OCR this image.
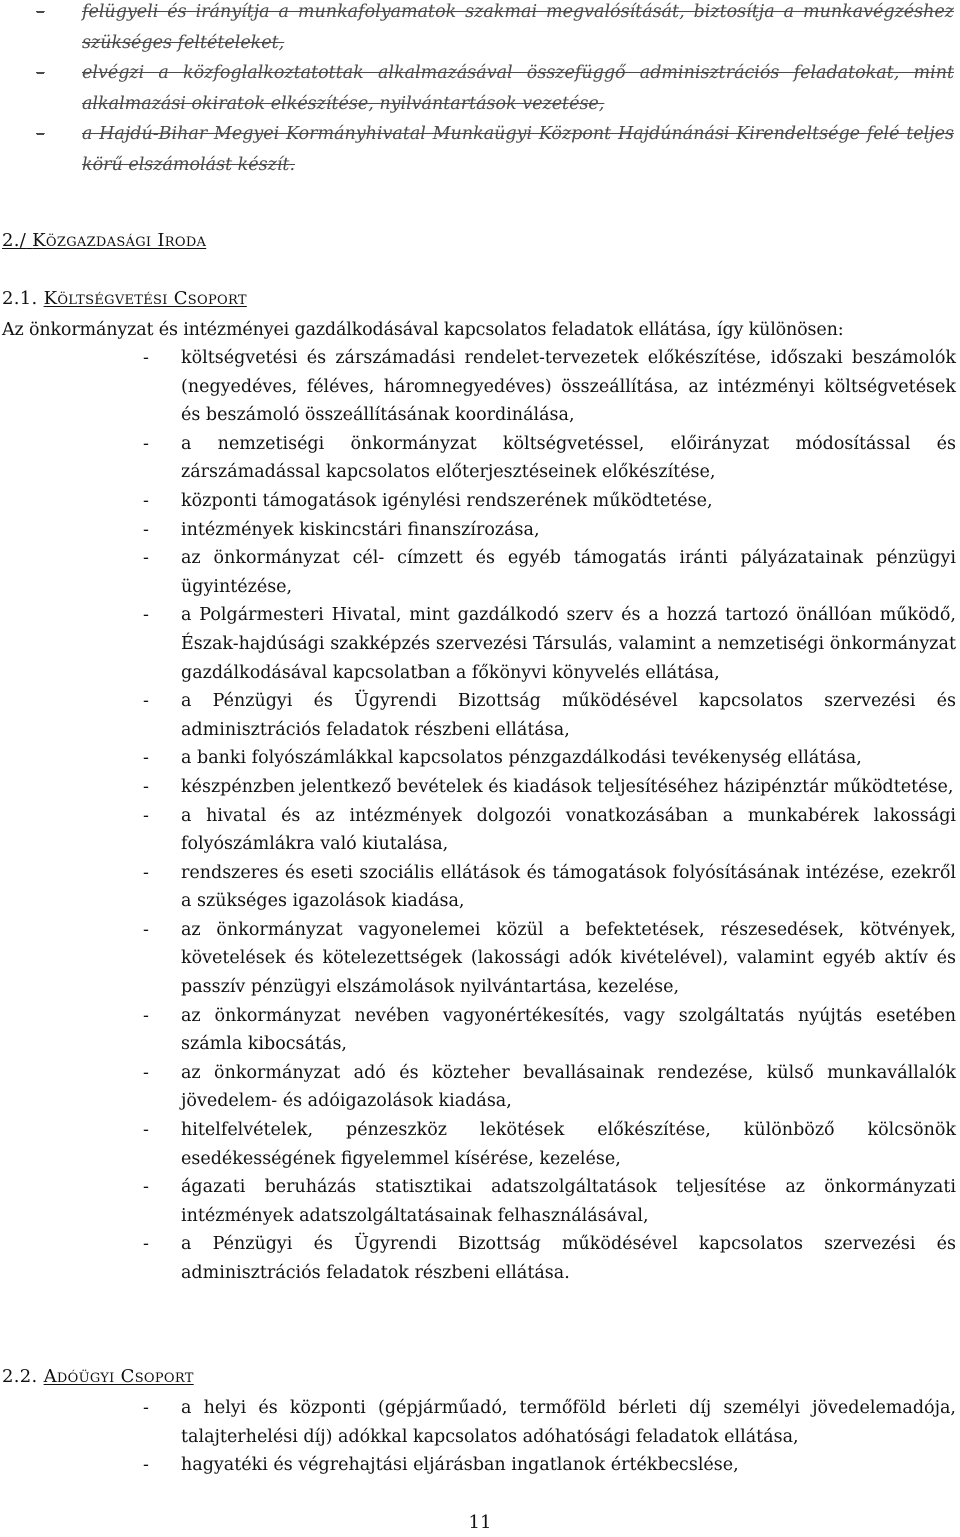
– felügyeli és irányítja a munkafolyamatok szakmai megvalósítását, biztosítja a munkavégzéshez szükséges feltételeket,
– elvégzi a közfoglalkoztatottak alkalmazásával összefüggő adminisztrációs feladatokat, mint alkalmazási okiratok elkészítése, nyilvántartások vezetése,
– a Hajdú-Bihar Megyei Kormányhivatal Munkaügyi Központ Hajdúnánási Kirendeltsége felé teljes körű elszámolást készít.
2./ Közgazdasági Iroda
2.1. Költségvetési Csoport
Az önkormányzat és intézményei gazdálkodásával kapcsolatos feladatok ellátása, így különösen:
- költségvetési és zárszámadási rendelet-tervezetek előkészítése, időszaki beszámolók (negyedéves, féléves, háromnegyedéves) összeállítása, az intézményi költségvetések és beszámoló összeállításának koordinálása,
- a nemzetiségi önkormányzat költségvetéssel, előirányzat módosítással és zárszámadással kapcsolatos előterjesztéseinek előkészítése,
- központi támogatások igénylési rendszerének működtetése,
- intézmények kiskincstári finanszírozása,
- az önkormányzat cél- címzett és egyéb támogatás iránti pályázatainak pénzügyi ügyintézése,
- a Polgármesteri Hivatal, mint gazdálkodó szerv és a hozzá tartozó önállóan működő, Észak-hajdúsági szakképzés szervezési Társulás, valamint a nemzetiségi önkormányzat gazdálkodásával kapcsolatban a főkönyvi könyvelés ellátása,
- a Pénzügyi és Ügyrendi Bizottság működésével kapcsolatos szervezési és adminisztrációs feladatok részbeni ellátása,
- a banki folyószámlákkal kapcsolatos pénzgazdálkodási tevékenység ellátása,
- készpénzben jelentkező bevételek és kiadások teljesítéséhez házipénztár működtetése,
- a hivatal és az intézmények dolgozói vonatkozásában a munkabérek lakossági folyószámlákra való kiutalása,
- rendszeres és eseti szociális ellátások és támogatások folyósításának intézése, ezekről a szükséges igazolások kiadása,
- az önkormányzat vagyonelemei közül a befektetések, részesedések, kötvények, követelések és kötelezettségek (lakossági adók kivételével), valamint egyéb aktív és passzív pénzügyi elszámolások nyilvántartása, kezelése,
- az önkormányzat nevében vagyonértékesítés, vagy szolgáltatás nyújtás esetében számla kibocsátás,
- az önkormányzat adó és közteher bevallásainak rendezése, külső munkavállalók jövedelem- és adóigazolások kiadása,
- hitelfelvételek, pénzeszköz lekötések előkészítése, különböző kölcsönök esedékességének figyelemmel kísérése, kezelése,
- ágazati beruházás statisztikai adatszolgáltatások teljesítése az önkormányzati intézmények adatszolgáltatásainak felhasználásával,
- a Pénzügyi és Ügyrendi Bizottság működésével kapcsolatos szervezési és adminisztrációs feladatok részbeni ellátása.
2.2. Adóügyi Csoport
- a helyi és központi (gépjárműadó, termőföld bérleti díj személyi jövedelemadója, talajterhelési díj) adókkal kapcsolatos adóhatósági feladatok ellátása,
- hagyatéki és végrehajtási eljárásban ingatlanok értékbecslése,
11
